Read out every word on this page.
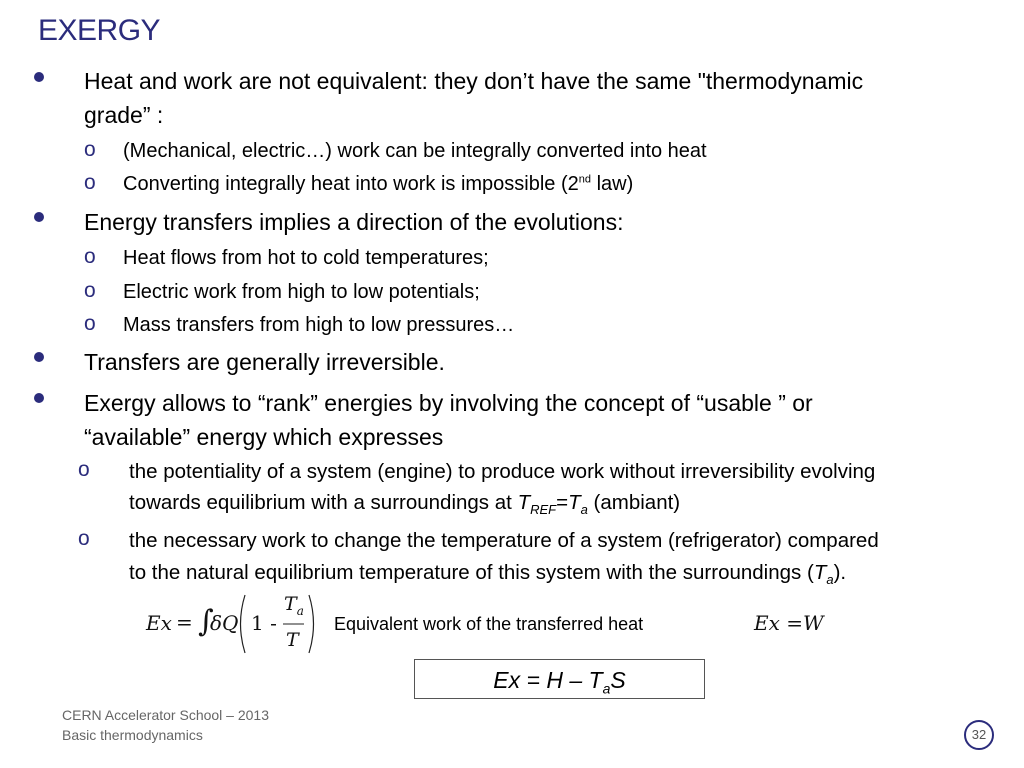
EXERGY
Heat and work are not equivalent: they don’t have the same "thermodynamic
grade” :
o (Mechanical, electric…) work can be integrally converted into heat
o Converting integrally heat into work is impossible (2nd law)
Energy transfers implies a direction of the evolutions:
o Heat flows from hot to cold temperatures;
o Electric work from high to low potentials;
o Mass transfers from high to low pressures…
Transfers are generally irreversible.
Exergy allows to “rank” energies by involving the concept of “usable ” or
“available” energy which expresses
o the potentiality of a system (engine) to produce work without irreversibility evolving
towards equilibrium with a surroundings at $T_{REF}=T_a$ (ambiant)
o the necessary work to change the temperature of a system (refrigerator) compared
to the natural equilibrium temperature of this system with the surroundings $(T_a)$.
Ex = ∫
δQ 1 -
$T_a$
T
Equivalent work of the transferred heat	Ex =W
$Ex = H - T_aS$
CERN Accelerator School – 2013
Basic thermodynamics	32
